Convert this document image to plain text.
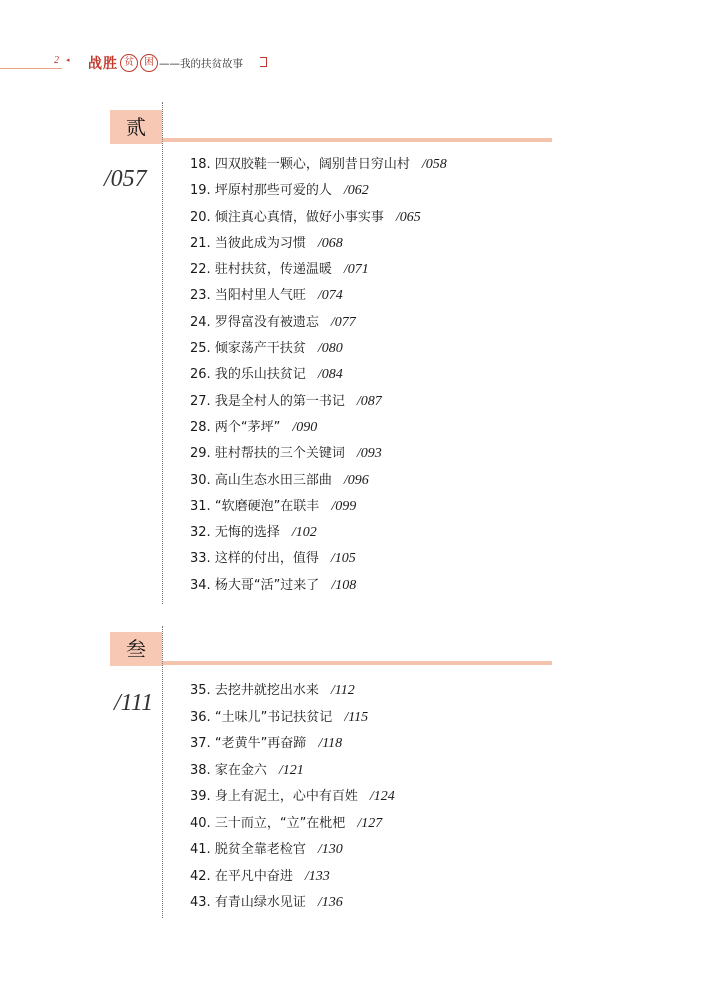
2 ◂ 战胜 贫	困 ——我的扶贫故事
贰
/057
18. 四双胶鞋一颗心，阔别昔日穷山村 /058
19. 坪原村那些可爱的人 /062
20. 倾注真心真情，做好小事实事 /065
21. 当彼此成为习惯 /068
22. 驻村扶贫，传递温暖 /071
23. 当阳村里人气旺 /074
24. 罗得富没有被遗忘 /077
25. 倾家荡产干扶贫 /080
26. 我的乐山扶贫记 /084
27. 我是全村人的第一书记 /087
28. 两个“茅坪” /090
29. 驻村帮扶的三个关键词 /093
30. 高山生态水田三部曲 /096
31. “软磨硬泡”在联丰 /099
32. 无悔的选择 /102
33. 这样的付出，值得 /105
34. 杨大哥“活”过来了 /108
叁
/111	35. 去挖井就挖出水来 /112
36. “土味儿”书记扶贫记 /115
37. “老黄牛”再奋蹄 /118
38. 家在金六 /121
39. 身上有泥土，心中有百姓 /124
40. 三十而立，“立”在枇杷 /127
41. 脱贫全靠老检官 /130
42. 在平凡中奋进 /133
43. 有青山绿水见证 /136
